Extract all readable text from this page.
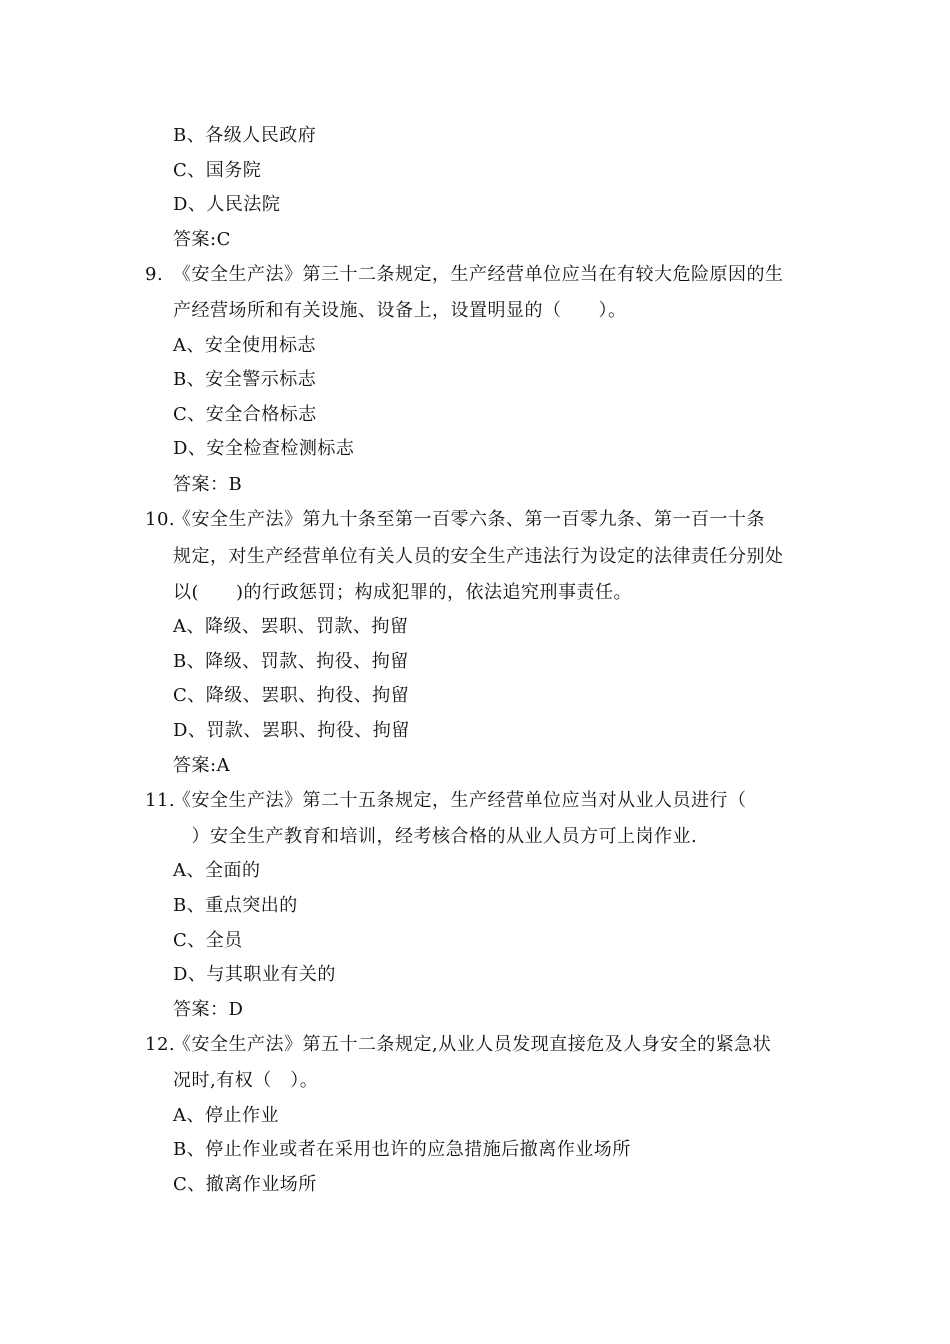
B、各级人民政府
C、国务院
D、人民法院
答案:C
9. 《安全生产法》第三十二条规定，生产经营单位应当在有较大危险原因的生
产经营场所和有关设施、设备上，设置明显的（　　）。
A、安全使用标志
B、安全警示标志
C、安全合格标志
D、安全检查检测标志
答案：B
10.
《安全生产法》第九十条至第一百零六条、第一百零九条、第一百一十条
规定，对生产经营单位有关人员的安全生产违法行为设定的法律责任分别处
以(　　)的行政惩罚；构成犯罪的，依法追究刑事责任。
A、降级、罢职、罚款、拘留
B、降级、罚款、拘役、拘留
C、降级、罢职、拘役、拘留
D、罚款、罢职、拘役、拘留
答案:A
11.
《安全生产法》第二十五条规定，生产经营单位应当对从业人员进行（
　）安全生产教育和培训，经考核合格的从业人员方可上岗作业.
A、全面的
B、重点突出的
C、全员
D、与其职业有关的
答案：D
12.
《安全生产法》第五十二条规定,从业人员发现直接危及人身安全的紧急状
况时,有权（　）。
A、停止作业
B、停止作业或者在采用也许的应急措施后撤离作业场所
C、撤离作业场所
